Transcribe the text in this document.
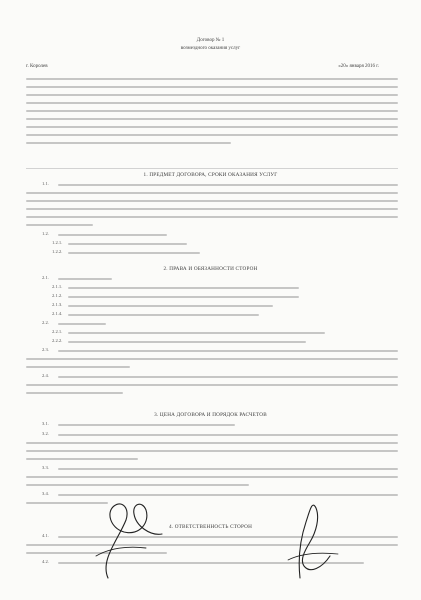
Договор № 1
возмездного оказания услуг
г. Королев	«20» января 2016 г.
1. ПРЕДМЕТ ДОГОВОРА, СРОКИ ОКАЗАНИЯ УСЛУГ
1.1.
1.2.
1.2.1.
1.2.2.
2. ПРАВА И ОБЯЗАННОСТИ СТОРОН
2.1.
2.1.1.
2.1.2.
2.1.3.
2.1.4.
2.2.
2.2.1.
2.2.2.
2.3.
2.4.
3. ЦЕНА ДОГОВОРА И ПОРЯДОК РАСЧЕТОВ
3.1.
3.2.
3.3.
3.4.
4. ОТВЕТСТВЕННОСТЬ СТОРОН
4.1.
4.2.
